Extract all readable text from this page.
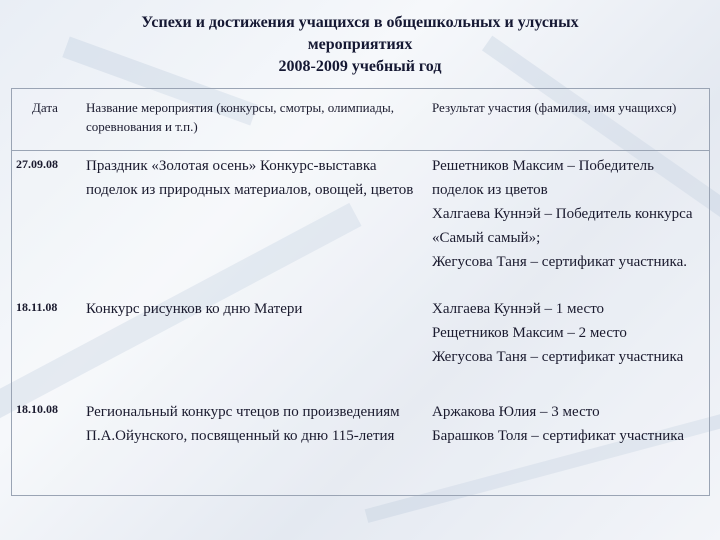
Успехи и достижения учащихся в общешкольных и улусных
мероприятиях
2008-2009 учебный год
Дата	Название мероприятия (конкурсы, смотры, олимпиады, соревнования и т.п.)	Результат участия (фамилия, имя учащихся)
27.09.08	Праздник «Золотая осень» Конкурс-выставка поделок из природных материалов, овощей, цветов	Решетников Максим – Победитель поделок из цветов
Халгаева Куннэй – Победитель конкурса «Самый самый»;
Жегусова Таня – сертификат участника.

18.11.08	Конкурс рисунков ко дню Матери	Халгаева Куннэй – 1 место
Рещетников Максим – 2 место
Жегусова Таня – сертификат участника

18.10.08	Региональный конкурс чтецов по произведениям П.А.Ойунского, посвященный ко дню 115-летия	Аржакова Юлия – 3 место
Барашков Толя – сертификат участника
